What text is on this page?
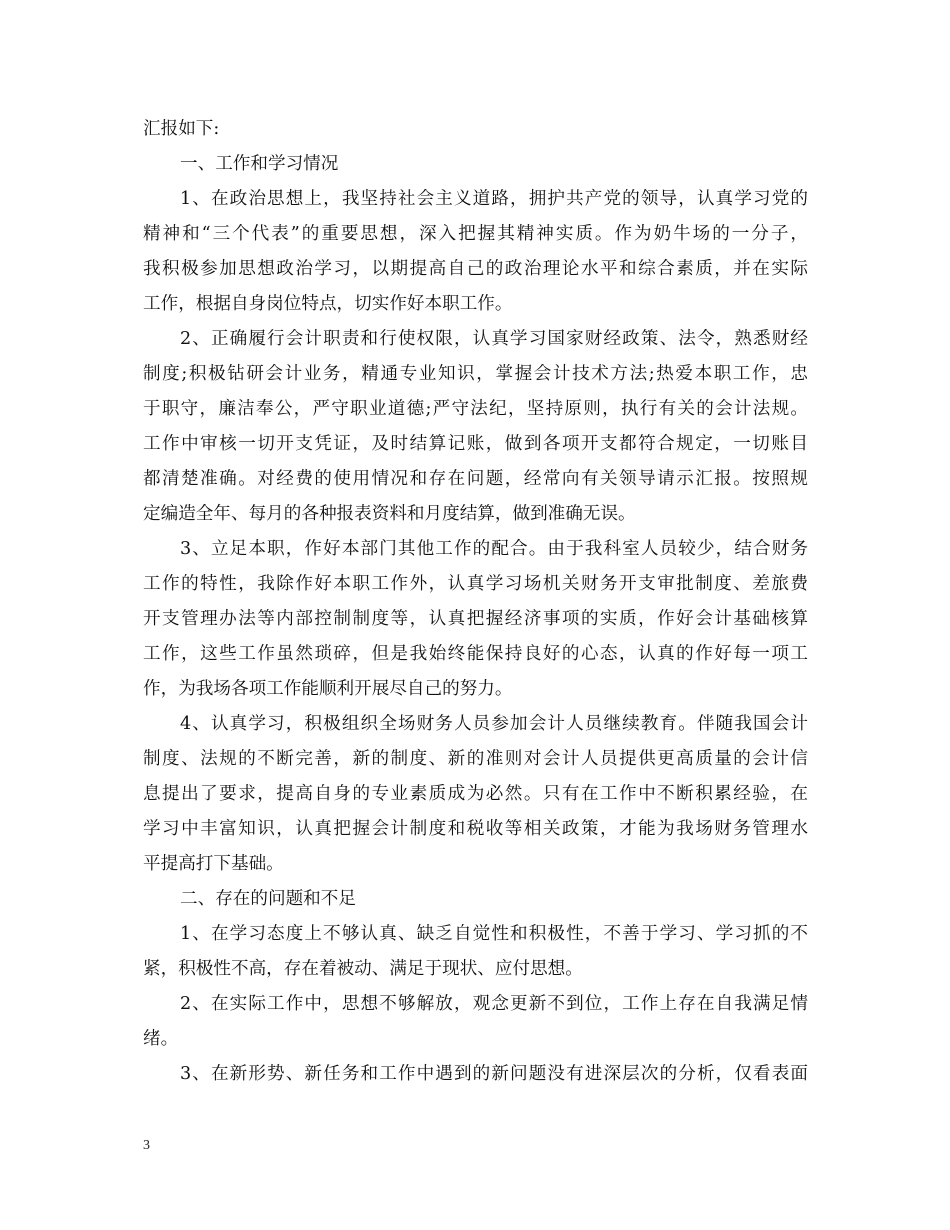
汇报如下:
一、工作和学习情况
1、在政治思想上，我坚持社会主义道路，拥护共产党的领导，认真学习党的
精神和“三个代表”的重要思想，深入把握其精神实质。作为奶牛场的一分子，
我积极参加思想政治学习，以期提高自己的政治理论水平和综合素质，并在实际
工作，根据自身岗位特点，切实作好本职工作。
2、正确履行会计职责和行使权限，认真学习国家财经政策、法令，熟悉财经
制度;积极钻研会计业务，精通专业知识，掌握会计技术方法;热爱本职工作，忠
于职守，廉洁奉公，严守职业道德;严守法纪，坚持原则，执行有关的会计法规。
工作中审核一切开支凭证，及时结算记账，做到各项开支都符合规定，一切账目
都清楚准确。对经费的使用情况和存在问题，经常向有关领导请示汇报。按照规
定编造全年、每月的各种报表资料和月度结算，做到准确无误。
3、立足本职，作好本部门其他工作的配合。由于我科室人员较少，结合财务
工作的特性，我除作好本职工作外，认真学习场机关财务开支审批制度、差旅费
开支管理办法等内部控制制度等，认真把握经济事项的实质，作好会计基础核算
工作，这些工作虽然琐碎，但是我始终能保持良好的心态，认真的作好每一项工
作，为我场各项工作能顺利开展尽自己的努力。
4、认真学习，积极组织全场财务人员参加会计人员继续教育。伴随我国会计
制度、法规的不断完善，新的制度、新的准则对会计人员提供更高质量的会计信
息提出了要求，提高自身的专业素质成为必然。只有在工作中不断积累经验，在
学习中丰富知识，认真把握会计制度和税收等相关政策，才能为我场财务管理水
平提高打下基础。
二、存在的问题和不足
1、在学习态度上不够认真、缺乏自觉性和积极性，不善于学习、学习抓的不
紧，积极性不高，存在着被动、满足于现状、应付思想。
2、在实际工作中，思想不够解放，观念更新不到位，工作上存在自我满足情
绪。
3、在新形势、新任务和工作中遇到的新问题没有进深层次的分析，仅看表面
3
